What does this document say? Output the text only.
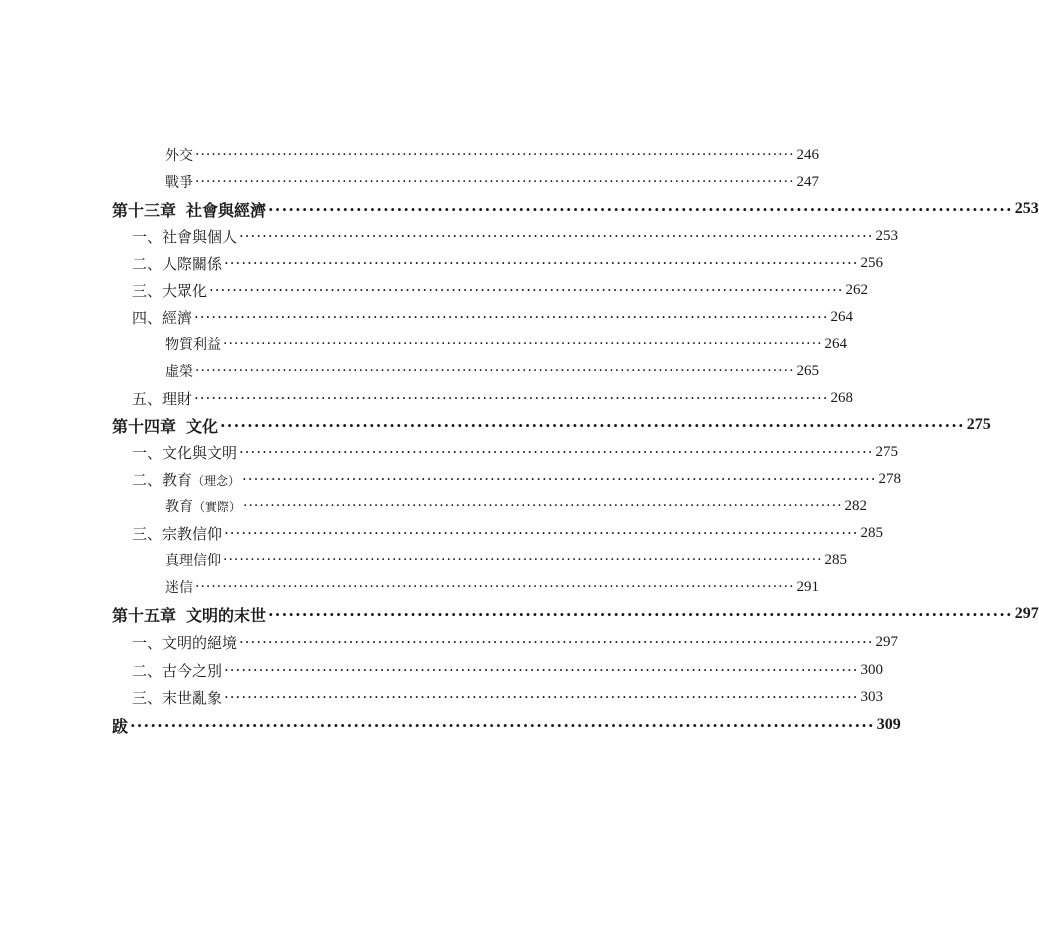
外交 ·············································································································· 246
戰爭 ·············································································································· 247
第十三章 社會與經濟 ·············································································································· 253
一、社會與個人 ·············································································································· 253
二、人際關係 ·············································································································· 256
三、大眾化 ·············································································································· 262
四、經濟 ·············································································································· 264
物質利益 ·············································································································· 264
虛榮 ·············································································································· 265
五、理財 ·············································································································· 268
第十四章 文化 ·············································································································· 275
一、文化與文明 ·············································································································· 275
二、教育（理念） ·············································································································· 278
教育（實際） ·············································································································· 282
三、宗教信仰 ·············································································································· 285
真理信仰 ·············································································································· 285
迷信 ·············································································································· 291
第十五章 文明的末世 ·············································································································· 297
一、文明的絕境 ·············································································································· 297
二、古今之別 ·············································································································· 300
三、末世亂象 ·············································································································· 303
跋 ·············································································································· 309
